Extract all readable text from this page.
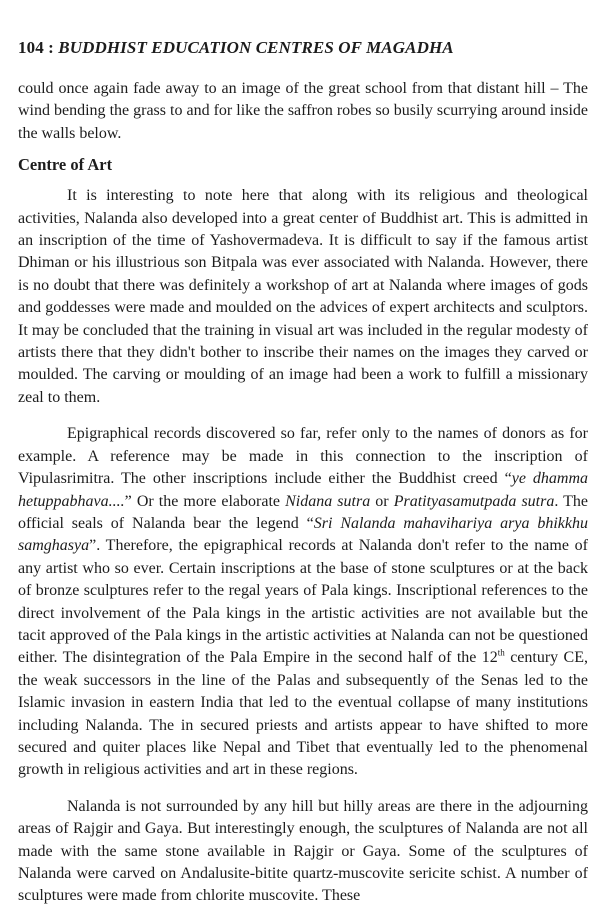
104 : BUDDHIST EDUCATION CENTRES OF MAGADHA

could once again fade away to an image of the great school from that distant hill – The wind bending the grass to and for like the saffron robes so busily scurrying around inside the walls below.

Centre of Art

It is interesting to note here that along with its religious and theological activities, Nalanda also developed into a great center of Buddhist art. This is admitted in an inscription of the time of Yashovermadeva. It is difficult to say if the famous artist Dhiman or his illustrious son Bitpala was ever associated with Nalanda. However, there is no doubt that there was definitely a workshop of art at Nalanda where images of gods and goddesses were made and moulded on the advices of expert architects and sculptors. It may be concluded that the training in visual art was included in the regular modesty of artists there that they didn't bother to inscribe their names on the images they carved or moulded. The carving or moulding of an image had been a work to fulfill a missionary zeal to them.

Epigraphical records discovered so far, refer only to the names of donors as for example. A reference may be made in this connection to the inscription of Vipulasrimitra. The other inscriptions include either the Buddhist creed “ye dhamma hetuppabhava....” Or the more elaborate Nidana sutra or Pratityasamutpada sutra. The official seals of Nalanda bear the legend “Sri Nalanda mahavihariya arya bhikkhu samghasya”. Therefore, the epigraphical records at Nalanda don't refer to the name of any artist who so ever. Certain inscriptions at the base of stone sculptures or at the back of bronze sculptures refer to the regal years of Pala kings. Inscriptional references to the direct involvement of the Pala kings in the artistic activities are not available but the tacit approved of the Pala kings in the artistic activities at Nalanda can not be questioned either. The disintegration of the Pala Empire in the second half of the 12th century CE, the weak successors in the line of the Palas and subsequently of the Senas led to the Islamic invasion in eastern India that led to the eventual collapse of many institutions including Nalanda. The in secured priests and artists appear to have shifted to more secured and quiter places like Nepal and Tibet that eventually led to the phenomenal growth in religious activities and art in these regions.

Nalanda is not surrounded by any hill but hilly areas are there in the adjourning areas of Rajgir and Gaya. But interestingly enough, the sculptures of Nalanda are not all made with the same stone available in Rajgir or Gaya. Some of the sculptures of Nalanda were carved on Andalusite-bitite quartz-muscovite sericite schist. A number of sculptures were made from chlorite muscovite. These
